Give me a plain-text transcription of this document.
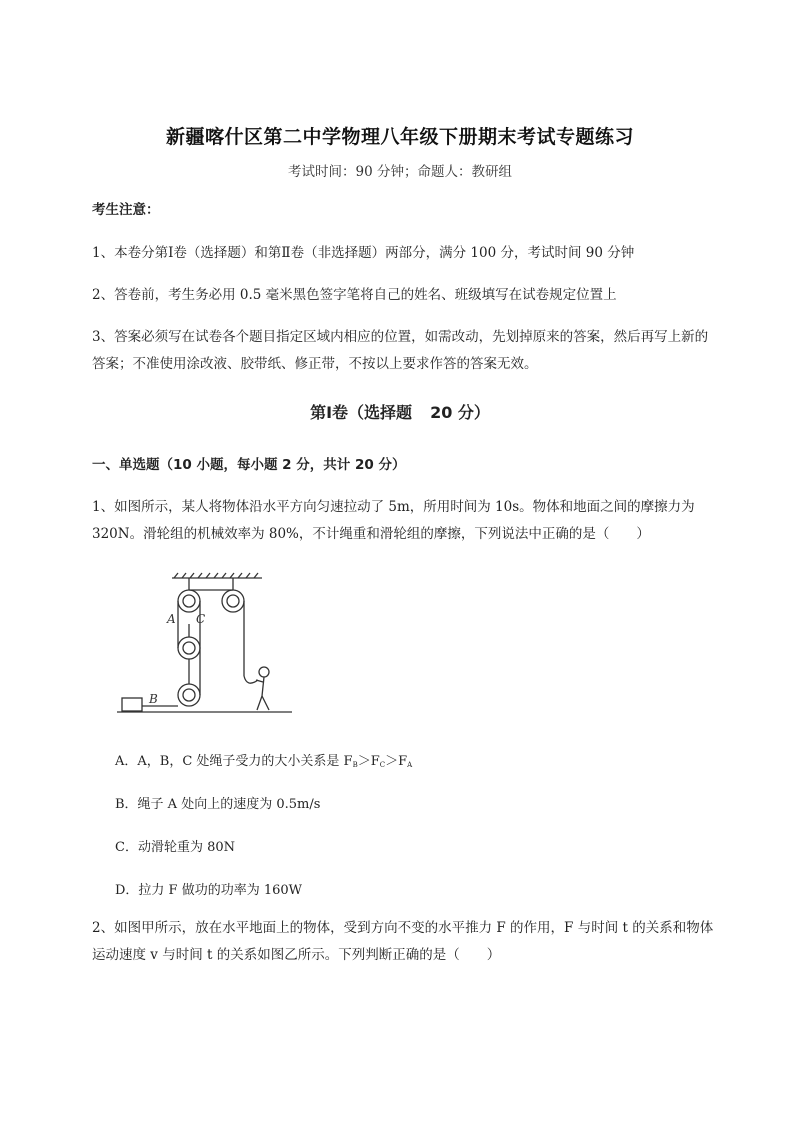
新疆喀什区第二中学物理八年级下册期末考试专题练习
考试时间：90 分钟；命题人：教研组
考生注意：
1、本卷分第Ⅰ卷（选择题）和第Ⅱ卷（非选择题）两部分，满分 100 分，考试时间 90 分钟
2、答卷前，考生务必用 0.5 毫米黑色签字笔将自己的姓名、班级填写在试卷规定位置上
3、答案必须写在试卷各个题目指定区域内相应的位置，如需改动，先划掉原来的答案，然后再写上新的答案；不准使用涂改液、胶带纸、修正带，不按以上要求作答的答案无效。
第Ⅰ卷（选择题 20 分）
一、单选题（10 小题，每小题 2 分，共计 20 分）
1、如图所示，某人将物体沿水平方向匀速拉动了 5m，所用时间为 10s。物体和地面之间的摩擦力为 320N。滑轮组的机械效率为 80%，不计绳重和滑轮组的摩擦，下列说法中正确的是（　　）
A C
B
A．A，B，C 处绳子受力的大小关系是 $F_B>F_C>F_A$
B．绳子 A 处向上的速度为 0.5m/s
C．动滑轮重为 80N
D．拉力 F 做功的功率为 160W
2、如图甲所示，放在水平地面上的物体，受到方向不变的水平推力 F 的作用，F 与时间 t 的关系和物体运动速度 v 与时间 t 的关系如图乙所示。下列判断正确的是（　　）
